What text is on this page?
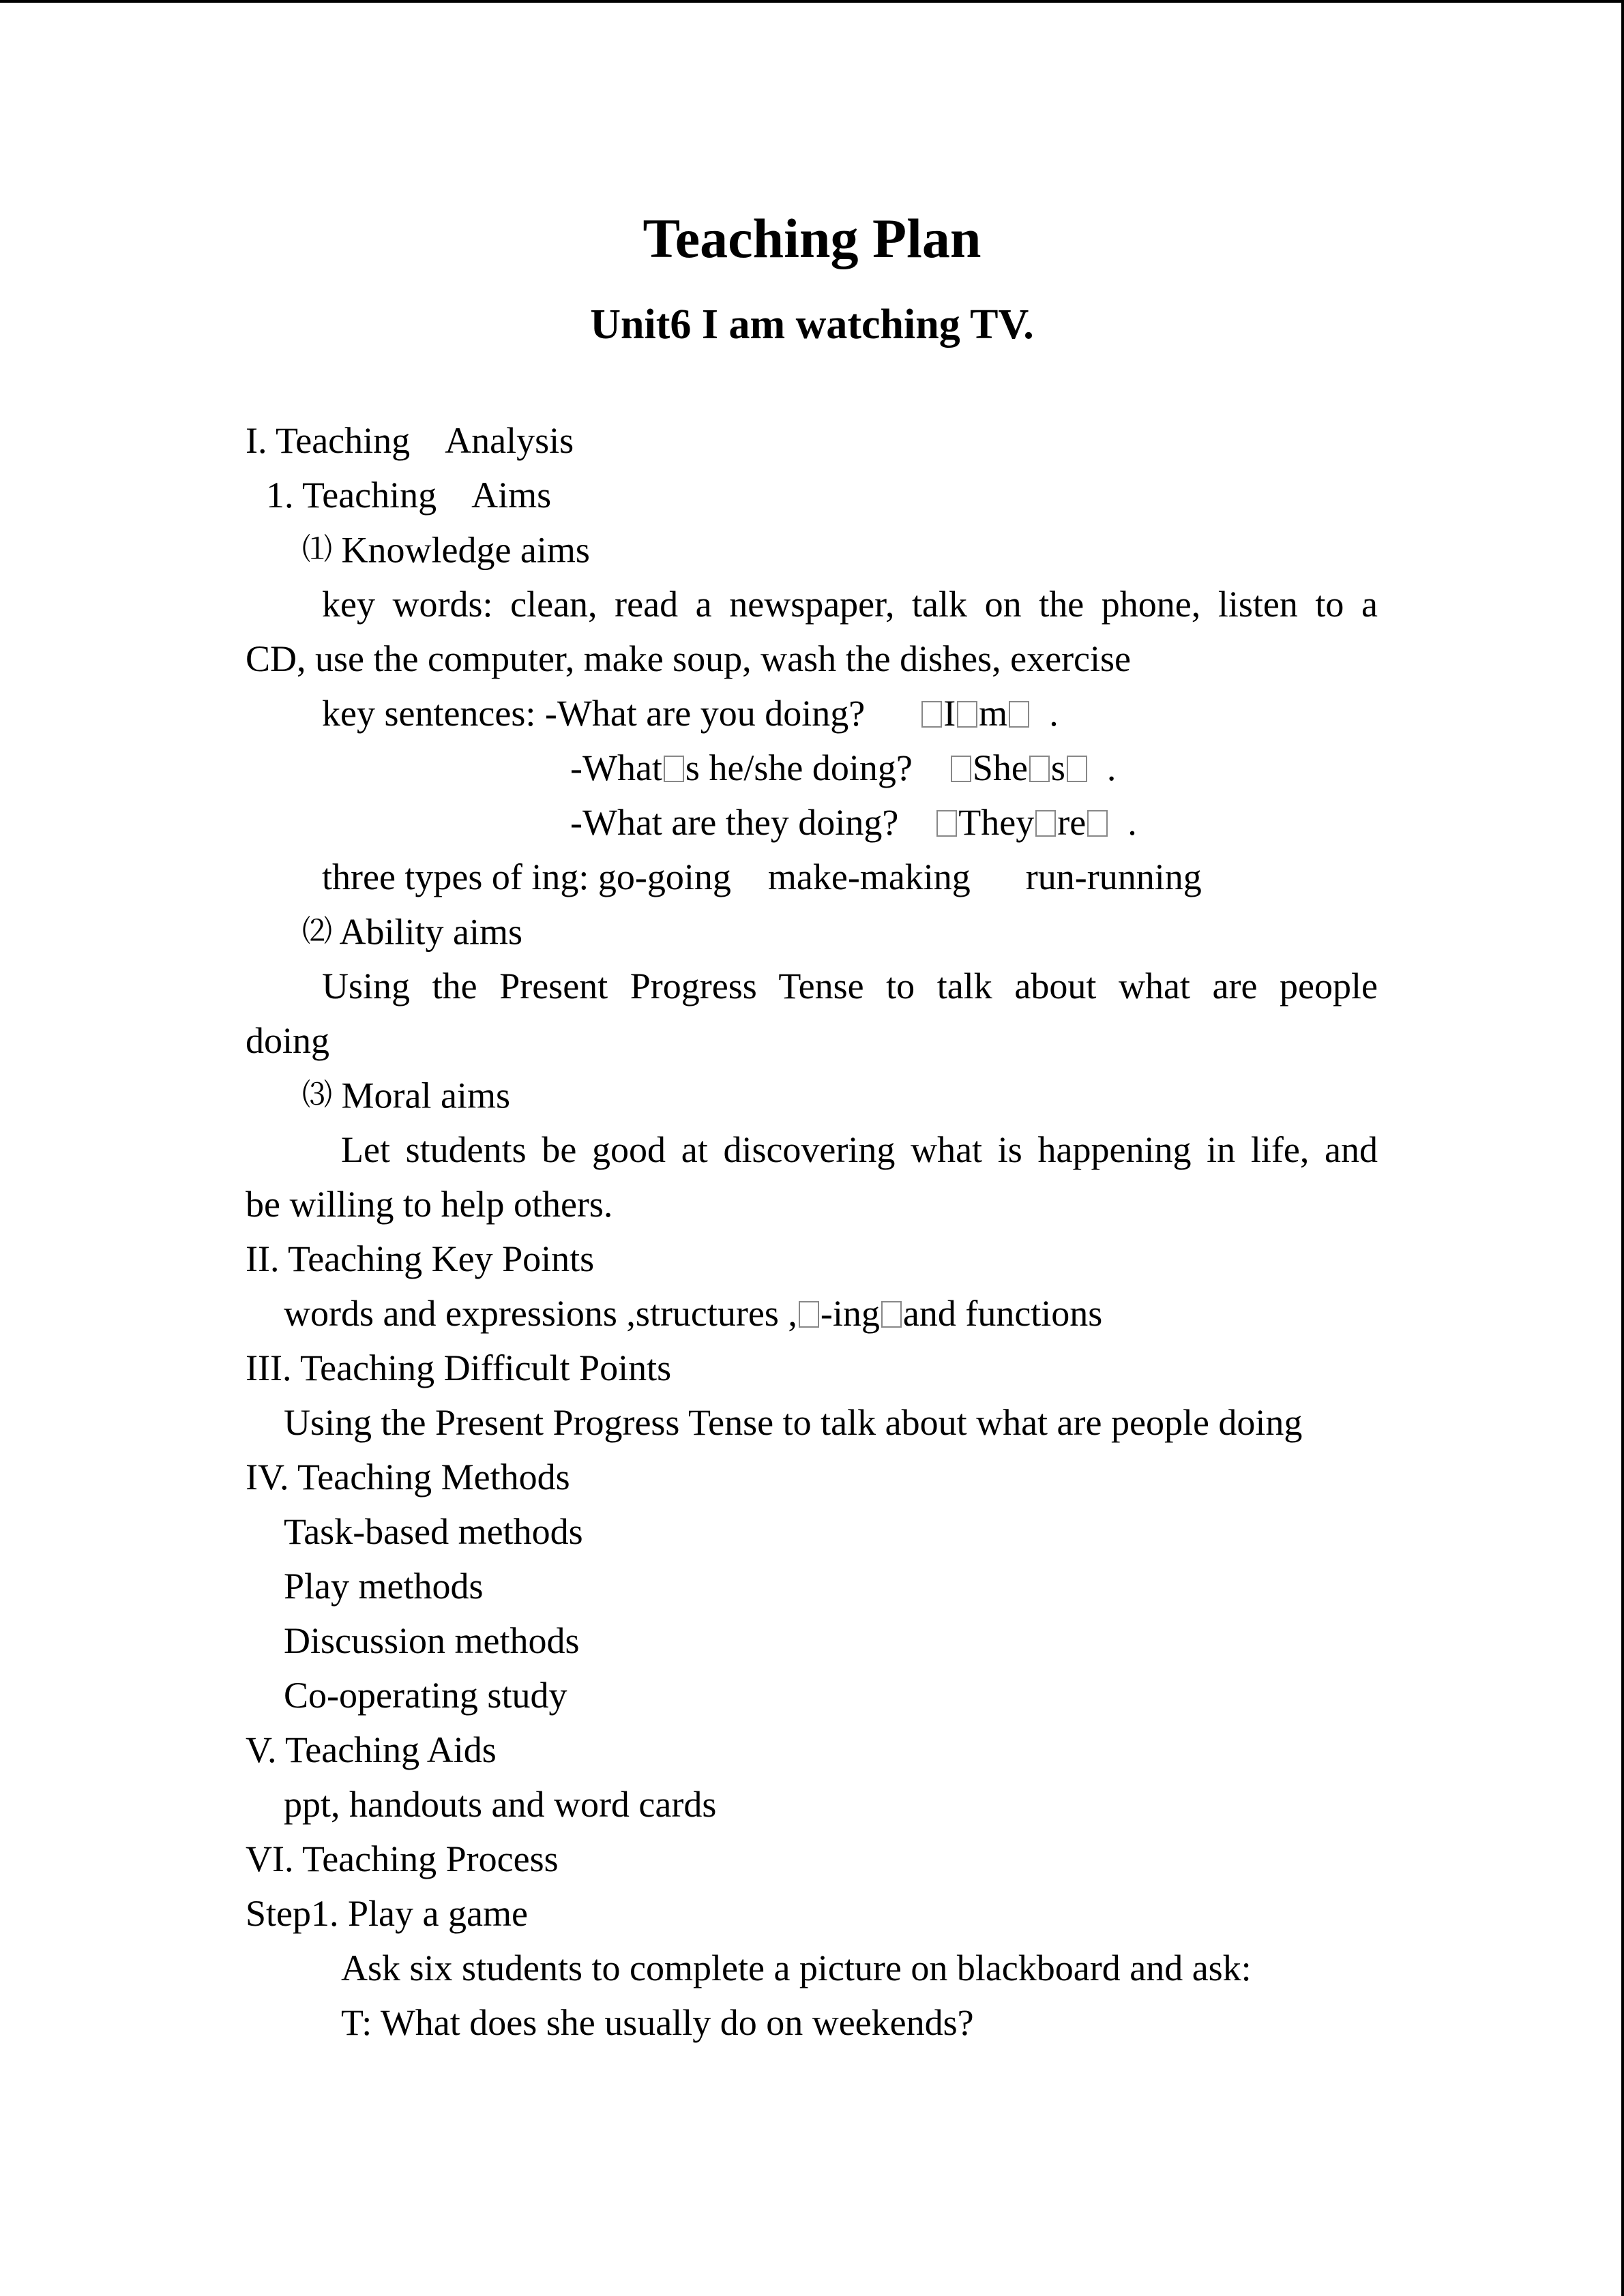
Teaching Plan
Unit6 I am watching TV.
I. Teaching    Analysis
1. Teaching    Aims
⑴ Knowledge aims
key words: clean, read a newspaper, talk on the phone, listen to a
CD, use the computer, make soup, wash the dishes, exercise
key sentences: -What are you doing? I m .
-What s he/she doing? She s .
-What are they doing? They re .
three types of ing: go-going make-making run-running
⑵ Ability aims
Using the Present Progress Tense to talk about what are people
doing
⑶ Moral aims
Let students be good at discovering what is happening in life, and
be willing to help others.
II. Teaching Key Points
words and expressions ,structures , -ing and functions
III. Teaching Difficult Points
Using the Present Progress Tense to talk about what are people doing
IV. Teaching Methods
Task-based methods
Play methods
Discussion methods
Co-operating study
V. Teaching Aids
ppt, handouts and word cards
VI. Teaching Process
Step1. Play a game
Ask six students to complete a picture on blackboard and ask:
T: What does she usually do on weekends?
